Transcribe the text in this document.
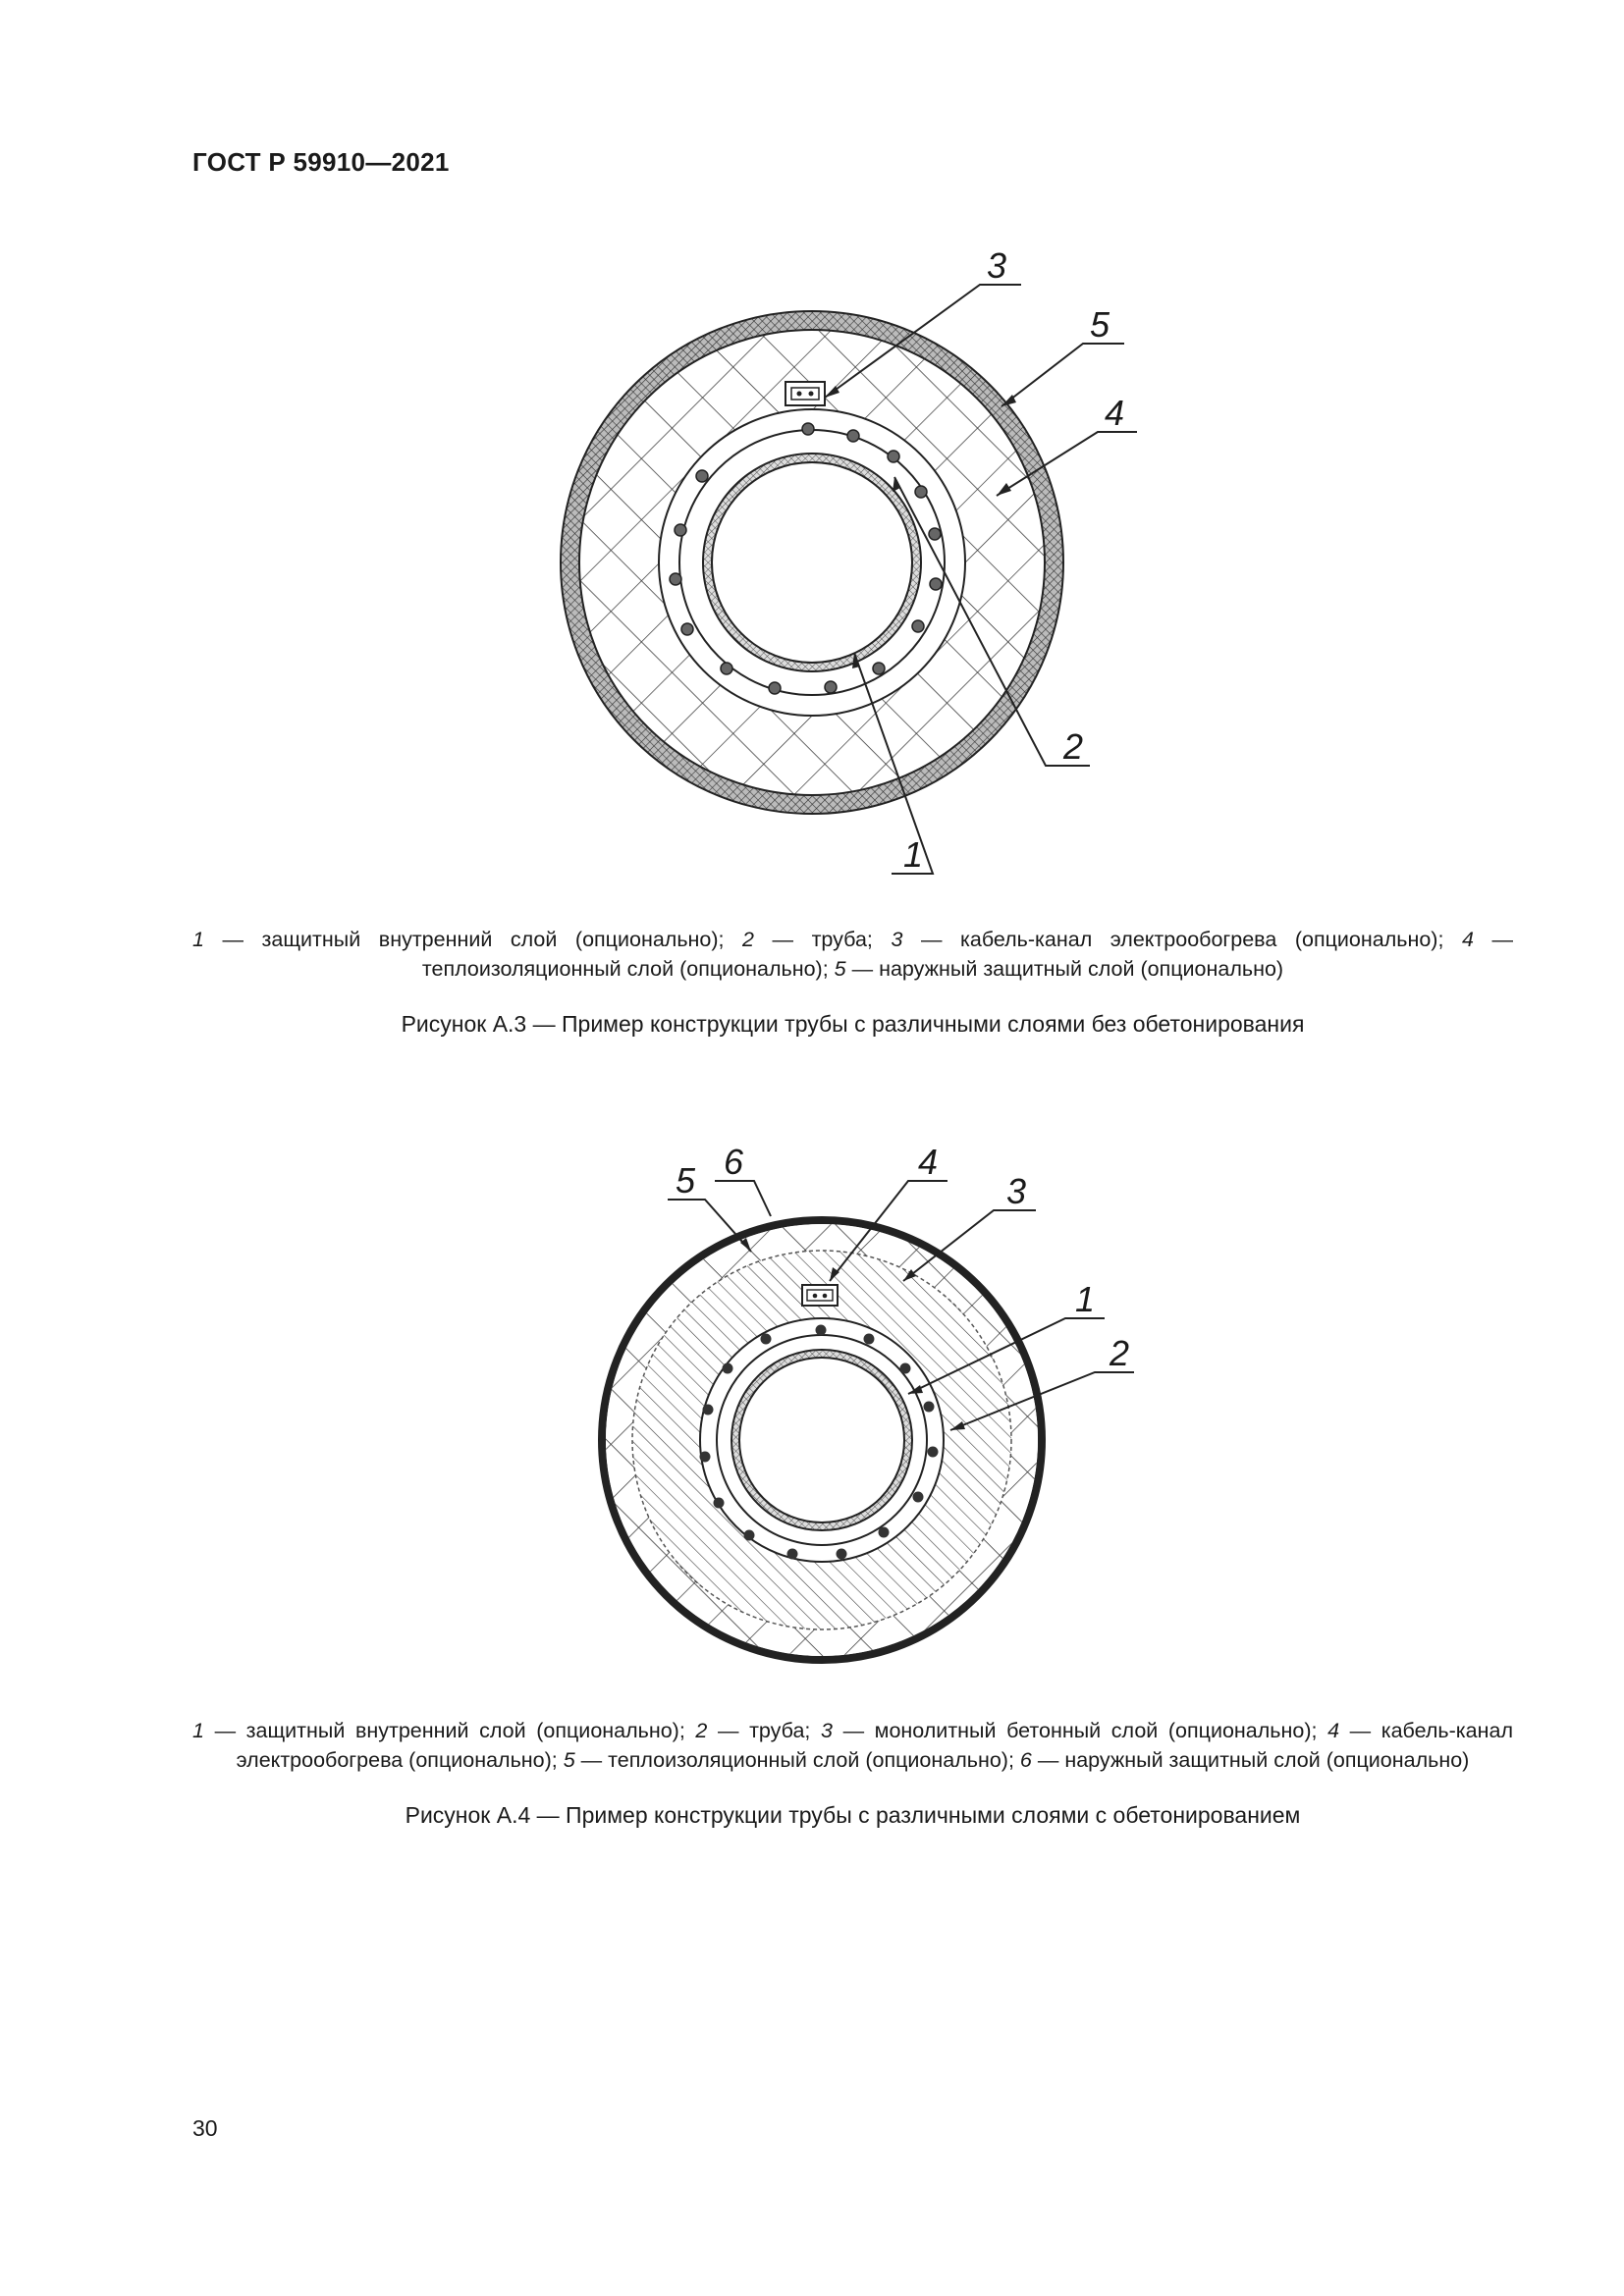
ГОСТ Р 59910—2021
3
5
4
2
1
1 — защитный внутренний слой (опционально); 2 — труба; 3 — кабель-канал электрообогрева (опционально); 4 — теплоизоляционный слой (опционально); 5 — наружный защитный слой (опционально)
Рисунок А.3 — Пример конструкции трубы с различными слоями без обетонирования
5 6	4
3
1
2
1 — защитный внутренний слой (опционально); 2 — труба; 3 — монолитный бетонный слой (опционально); 4 — кабель-канал электрообогрева (опционально); 5 — теплоизоляционный слой (опционально); 6 — наружный защитный слой (опционально)
Рисунок А.4 — Пример конструкции трубы с различными слоями с обетонированием
30
